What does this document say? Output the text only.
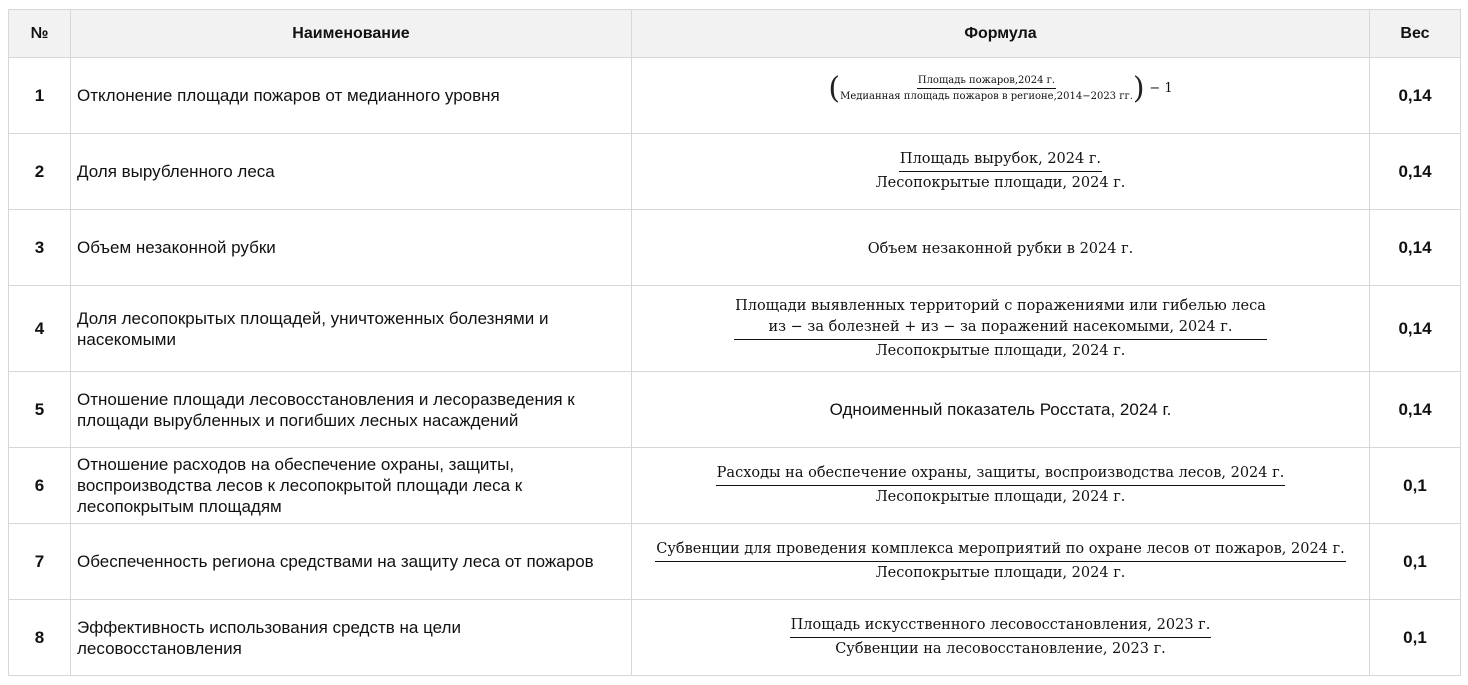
№	Наименование	Формула	Вес
1	Отклонение площади пожаров от медианного уровня	( $\frac{\text{Площадь пожаров,2024 г.}}{\text{Медианная площадь пожаров в регионе,2014−2023 гг.}}$ ) − 1	0,14
2	Доля вырубленного леса	$\frac{\text{Площадь вырубок, 2024 г.}}{\text{Лесопокрытые площади, 2024 г.}}$	0,14
3	Объем незаконной рубки	Объем незаконной рубки в 2024 г.	0,14
4	Доля лесопокрытых площадей, уничтоженных болезнями и насекомыми	Площади выявленных территорий с поражениями или гибелью леса
из − за болезней + из − за поражений насекомыми, 2024 г.
Лесопокрытые площади, 2024 г.	0,14
5	Отношение площади лесовосстановления и лесоразведения к площади вырубленных и погибших лесных насаждений	Одноименный показатель Росстата, 2024 г.	0,14
6	Отношение расходов на обеспечение охраны, защиты, воспроизводства лесов к лесопокрытой площади леса к лесопокрытым площадям	Расходы на обеспечение охраны, защиты, воспроизводства лесов, 2024 г.
Лесопокрытые площади, 2024 г.	0,1
7	Обеспеченность региона средствами на защиту леса от пожаров	Субвенции для проведения комплекса мероприятий по охране лесов от пожаров, 2024 г.
Лесопокрытые площади, 2024 г.	0,1
8	Эффективность использования средств на цели лесовосстановления	$\frac{\text{Площадь искусственного лесовосстановления, 2023 г.}}{\text{Субвенции на лесовосстановление, 2023 г.}}$	0,1
